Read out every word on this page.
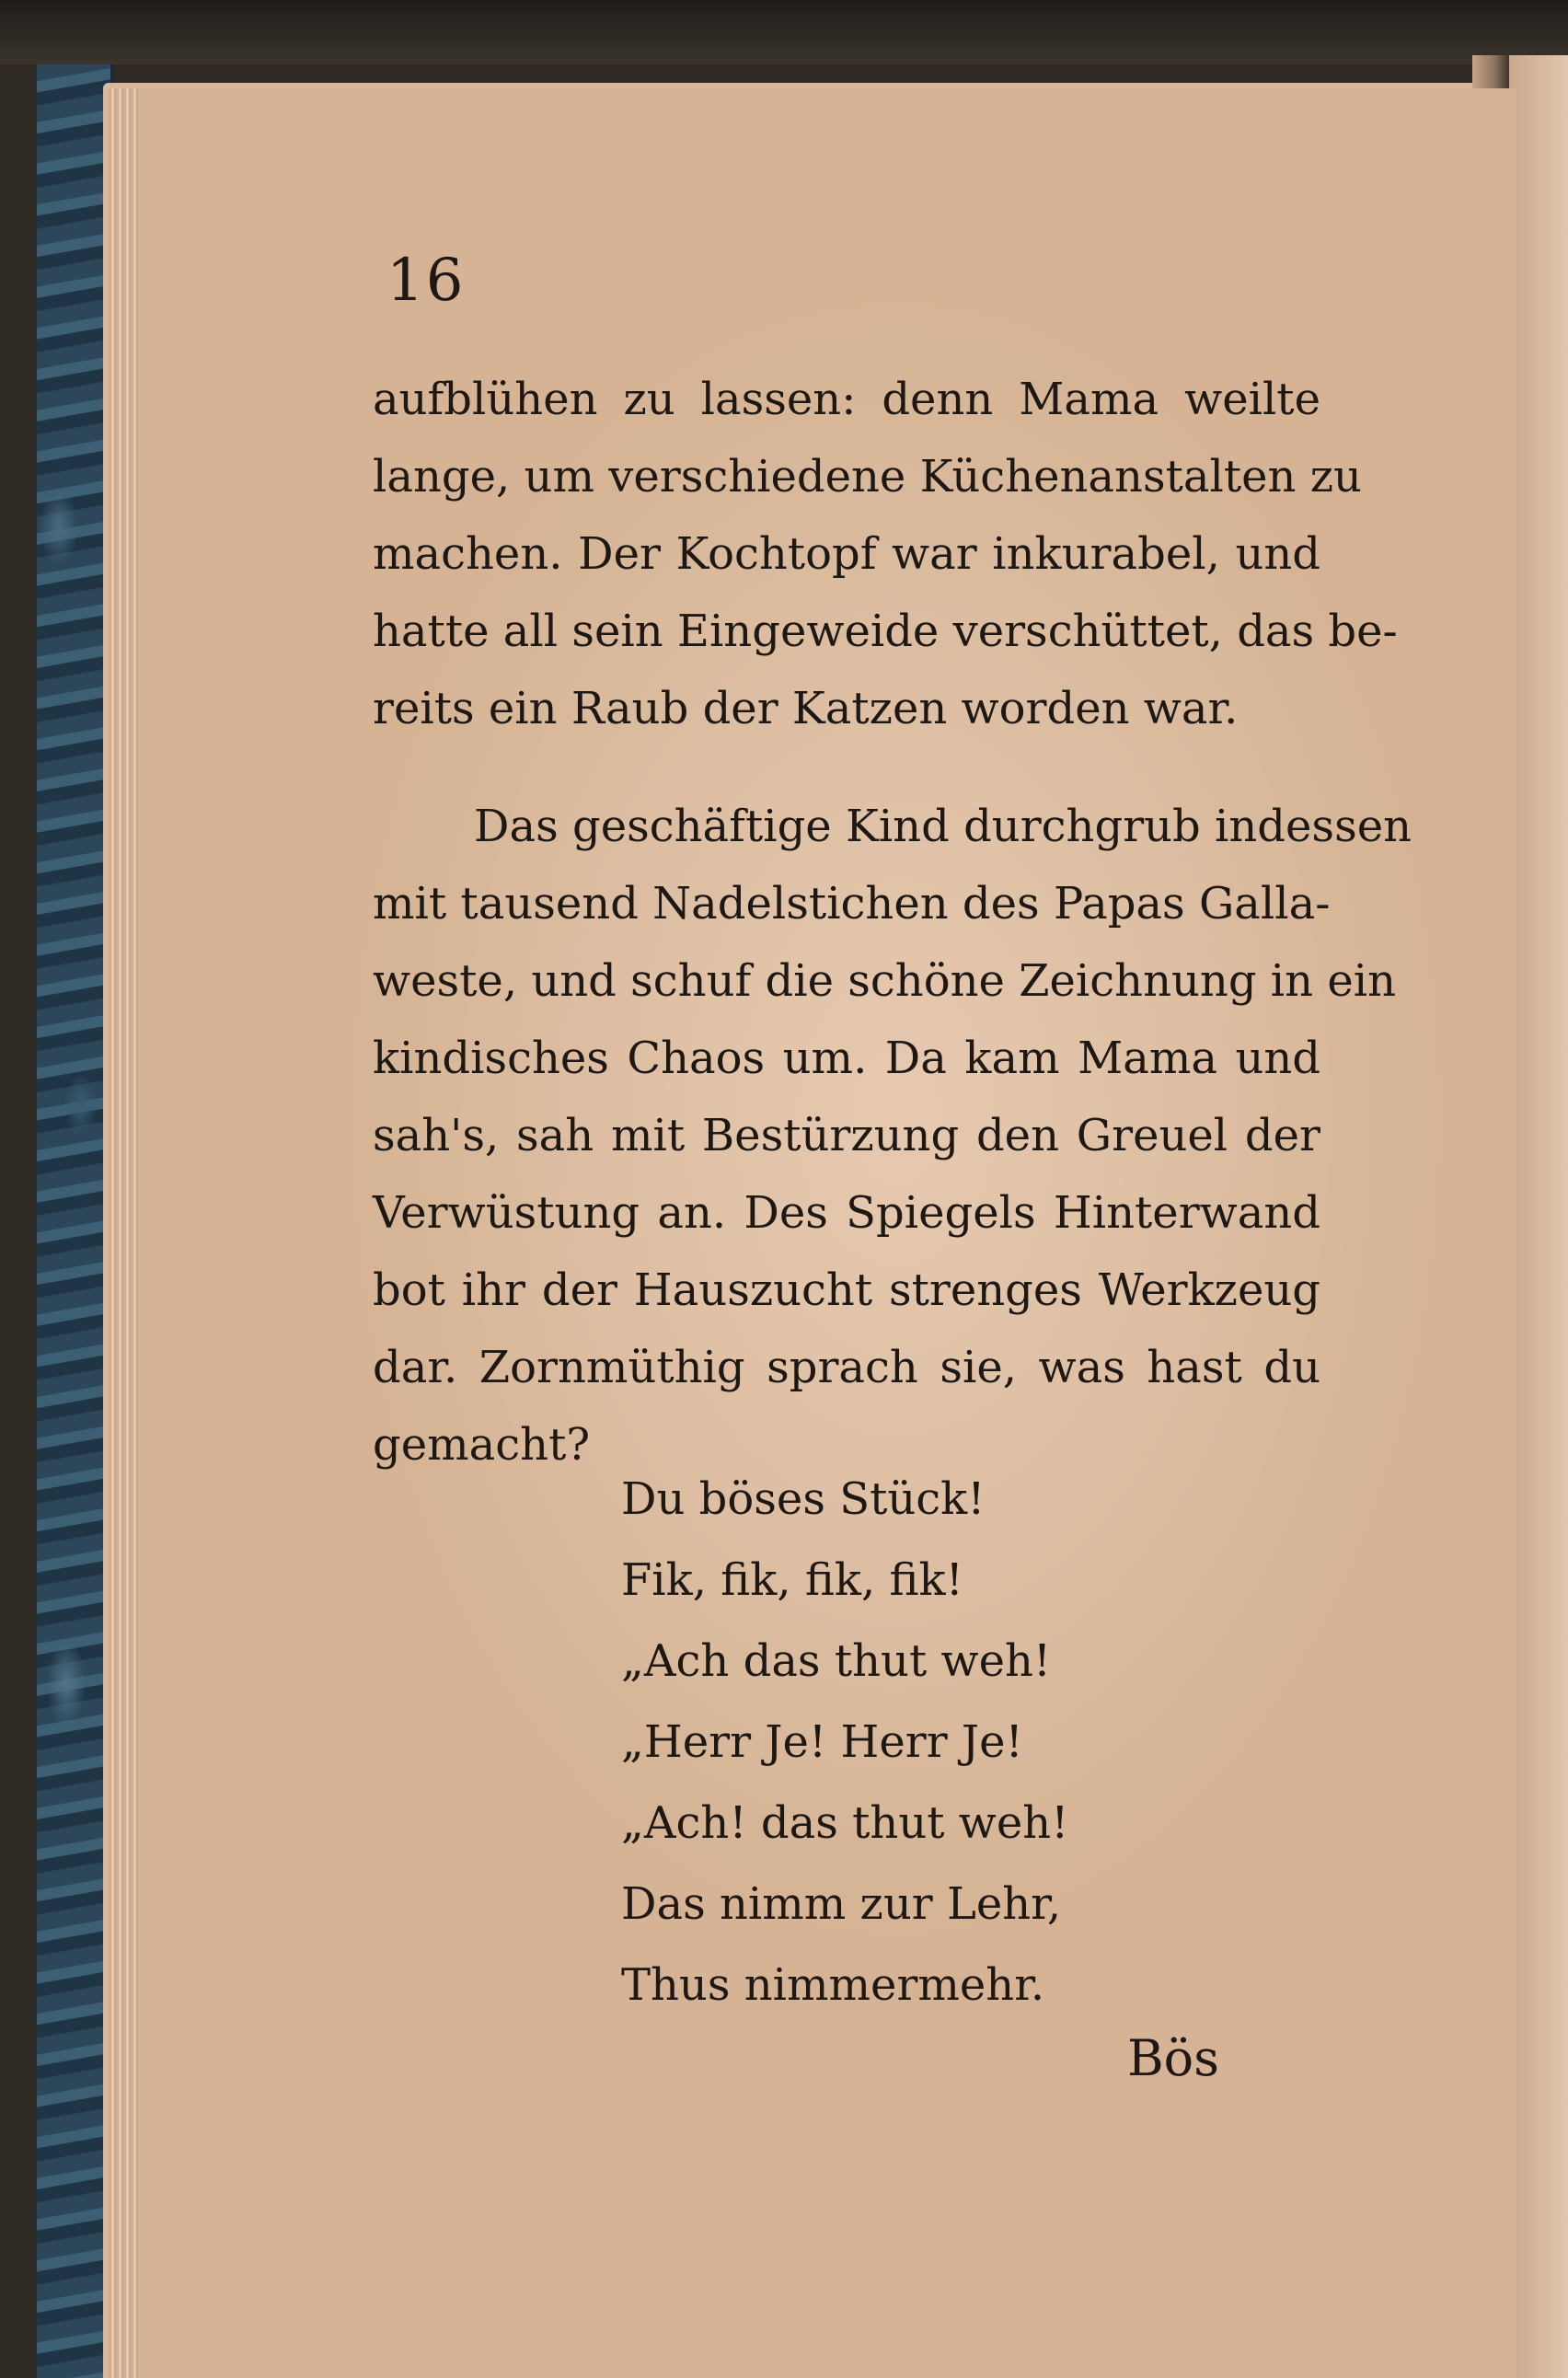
16
aufblühen zu lassen: denn Mama weilte
lange, um verschiedene Küchenanstalten zu
machen. Der Kochtopf war inkurabel, und
hatte all sein Eingeweide verschüttet, das be-
reits ein Raub der Katzen worden war.
Das geschäftige Kind durchgrub indessen
mit tausend Nadelstichen des Papas Galla-
weste, und schuf die schöne Zeichnung in ein
kindisches Chaos um. Da kam Mama und
sah's, sah mit Bestürzung den Greuel der
Verwüstung an. Des Spiegels Hinterwand
bot ihr der Hauszucht strenges Werkzeug
dar. Zornmüthig sprach sie, was hast du
gemacht?
Du böses Stück!
Fik, fik, fik, fik!
„Ach das thut weh!
„Herr Je! Herr Je!
„Ach! das thut weh!
Das nimm zur Lehr,
Thus nimmermehr.
Bös
